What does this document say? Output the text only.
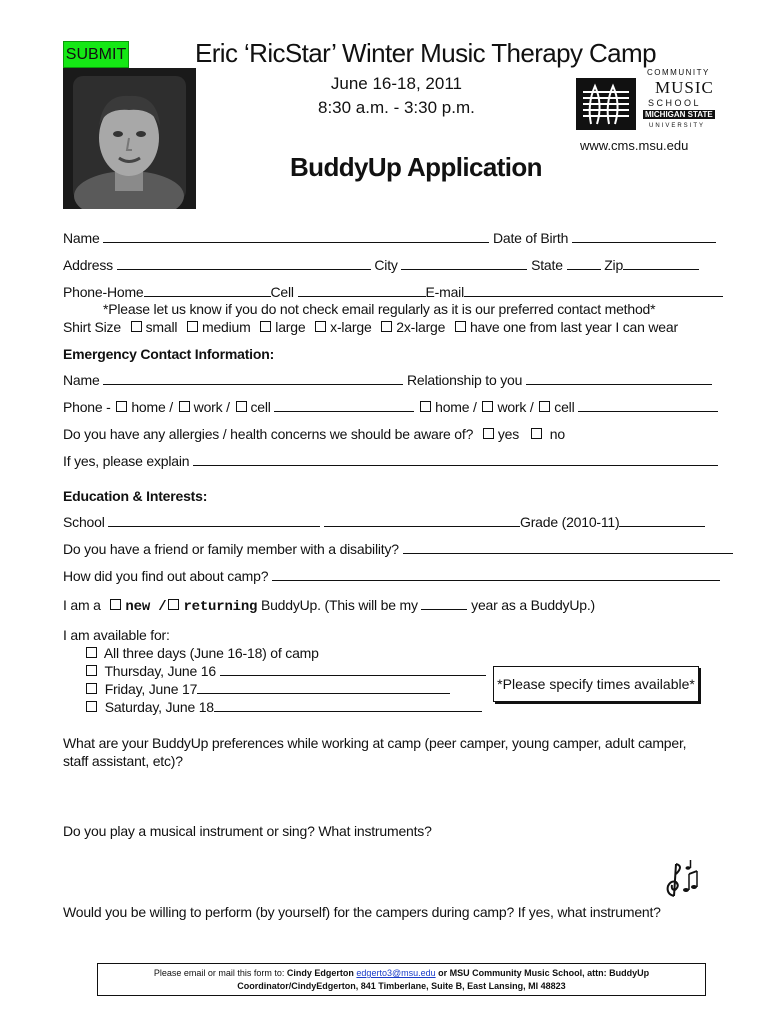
SUBMIT	Eric ‘RicStar’ Winter Music Therapy Camp
June 16-18, 2011
8:30 a.m. - 3:30 p.m.
BuddyUp Application
www.cms.msu.edu
COMMUNITY
MUSIC
SCHOOL
MICHIGAN STATE
UNIVERSITY
Name	Date of Birth
Address	City	State	Zip
Phone-Home	Cell	E-mail
*Please let us know if you do not check email regularly as it is our preferred contact method*
Shirt Size small medium large x-large 2x-large have one from last year I can wear
Emergency Contact Information:
Name	Relationship to you
Phone - home / work / cell	home / work / cell
Do you have any allergies / health concerns we should be aware of? yes no
If yes, please explain
Education & Interests:
School	Grade (2010-11)
Do you have a friend or family member with a disability?
How did you find out about camp?
I am a new / returning BuddyUp. (This will be my	year as a BuddyUp.)
I am available for:
All three days (June 16-18) of camp
Thursday, June 16
Friday, June 17
Saturday, June 18
*Please specify times available*
What are your BuddyUp preferences while working at camp (peer camper, young camper, adult camper, staff assistant, etc)?
Do you play a musical instrument or sing? What instruments?
Would you be willing to perform (by yourself) for the campers during camp? If yes, what instrument?
Please email or mail this form to: Cindy Edgerton edgerto3@msu.edu or MSU Community Music School, attn: BuddyUp Coordinator/CindyEdgerton, 841 Timberlane, Suite B, East Lansing, MI 48823
